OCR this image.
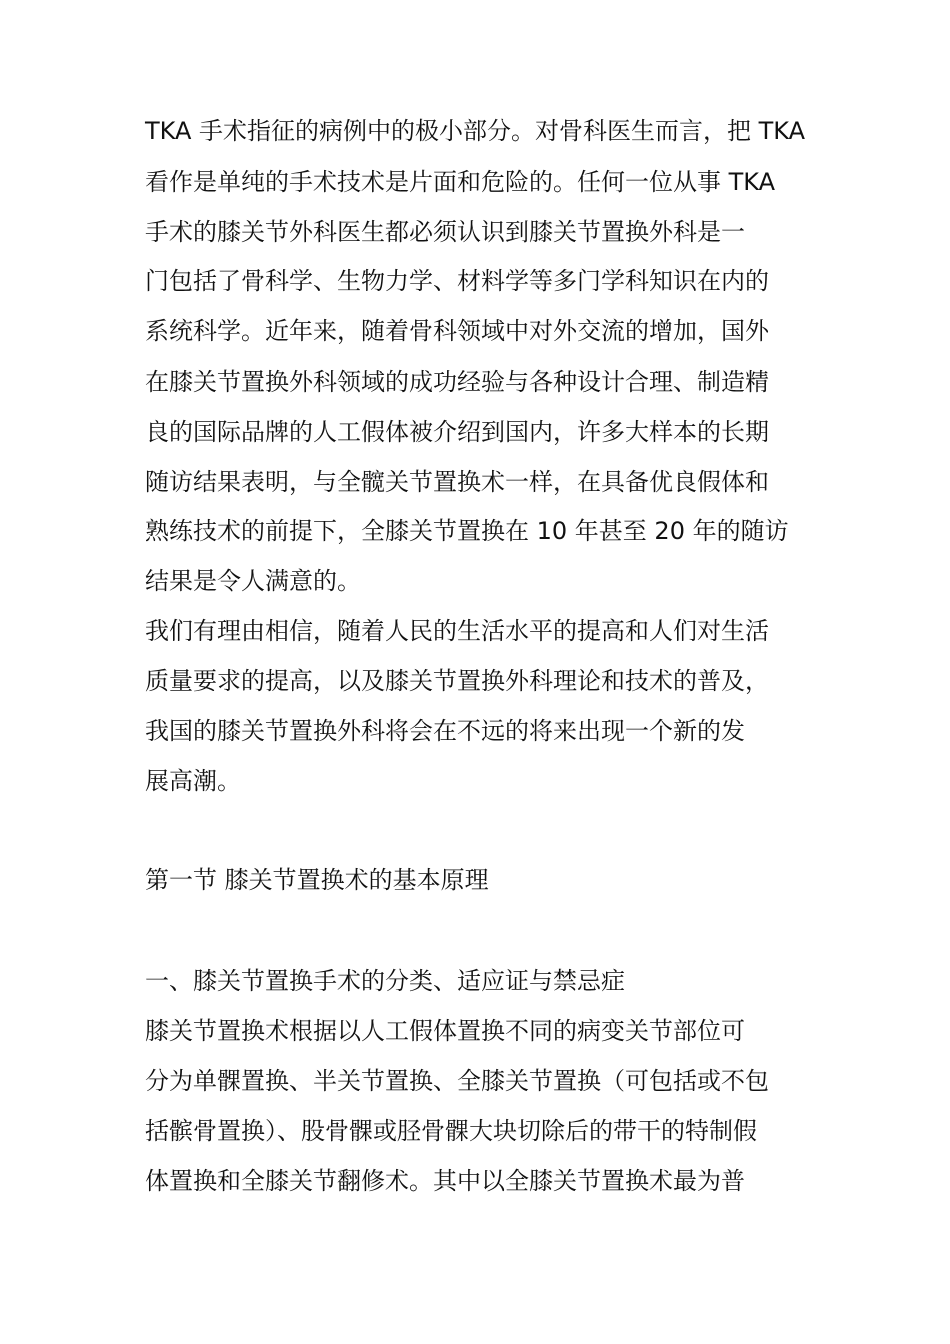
TKA 手术指征的病例中的极小部分。对骨科医生而言，把 TKA
看作是单纯的手术技术是片面和危险的。任何一位从事 TKA
手术的膝关节外科医生都必须认识到膝关节置换外科是一
门包括了骨科学、生物力学、材料学等多门学科知识在内的
系统科学。近年来，随着骨科领域中对外交流的增加，国外
在膝关节置换外科领域的成功经验与各种设计合理、制造精
良的国际品牌的人工假体被介绍到国内，许多大样本的长期
随访结果表明，与全髋关节置换术一样，在具备优良假体和
熟练技术的前提下，全膝关节置换在 10 年甚至 20 年的随访
结果是令人满意的。
我们有理由相信，随着人民的生活水平的提高和人们对生活
质量要求的提高，以及膝关节置换外科理论和技术的普及，
我国的膝关节置换外科将会在不远的将来出现一个新的发
展高潮。
第一节 膝关节置换术的基本原理
一、膝关节置换手术的分类、适应证与禁忌症
膝关节置换术根据以人工假体置换不同的病变关节部位可
分为单髁置换、半关节置换、全膝关节置换（可包括或不包
括髌骨置换）、股骨髁或胫骨髁大块切除后的带干的特制假
体置换和全膝关节翻修术。其中以全膝关节置换术最为普
